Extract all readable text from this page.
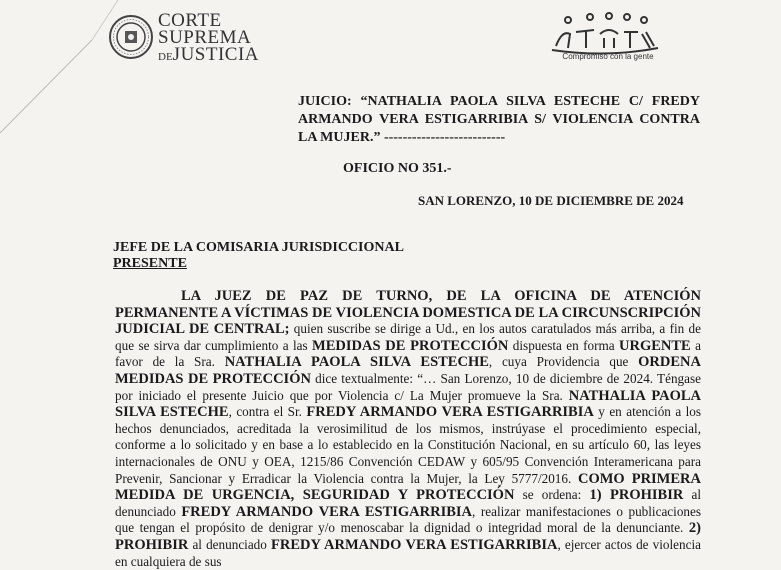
CORTE
SUPREMA
DEJUSTICIA	Compromiso con la gente
JUICIO: “NATHALIA PAOLA SILVA ESTECHE C/ FREDY ARMANDO VERA ESTIGARRIBIA S/ VIOLENCIA CONTRA LA MUJER.” --------------------------
OFICIO NO 351.-
SAN LORENZO, 10 DE DICIEMBRE DE 2024
JEFE DE LA COMISARIA JURISDICCIONAL
PRESENTE

LA JUEZ DE PAZ DE TURNO, DE LA OFICINA DE ATENCIÓN PERMANENTE A VÍCTIMAS DE VIOLENCIA DOMESTICA DE LA CIRCUNSCRIPCIÓN JUDICIAL DE CENTRAL; quien suscribe se dirige a Ud., en los autos caratulados más arriba, a fin de que se sirva dar cumplimiento a las MEDIDAS DE PROTECCIÓN dispuesta en forma URGENTE a favor de la Sra. NATHALIA PAOLA SILVA ESTECHE, cuya Providencia que ORDENA MEDIDAS DE PROTECCIÓN dice textualmente: “… San Lorenzo, 10 de diciembre de 2024. Téngase por iniciado el presente Juicio que por Violencia c/ La Mujer promueve la Sra. NATHALIA PAOLA SILVA ESTECHE, contra el Sr. FREDY ARMANDO VERA ESTIGARRIBIA y en atención a los hechos denunciados, acreditada la verosimilitud de los mismos, instrúyase el procedimiento especial, conforme a lo solicitado y en base a lo establecido en la Constitución Nacional, en su artículo 60, las leyes internacionales de ONU y OEA, 1215/86 Convención CEDAW y 605/95 Convención Interamericana para Prevenir, Sancionar y Erradicar la Violencia contra la Mujer, la Ley 5777/2016. COMO PRIMERA MEDIDA DE URGENCIA, SEGURIDAD Y PROTECCIÓN se ordena: 1) PROHIBIR al denunciado FREDY ARMANDO VERA ESTIGARRIBIA, realizar manifestaciones o publicaciones que tengan el propósito de denigrar y/o menoscabar la dignidad o integridad moral de la denunciante. 2) PROHIBIR al denunciado FREDY ARMANDO VERA ESTIGARRIBIA, ejercer actos de violencia en cualquiera de sus
